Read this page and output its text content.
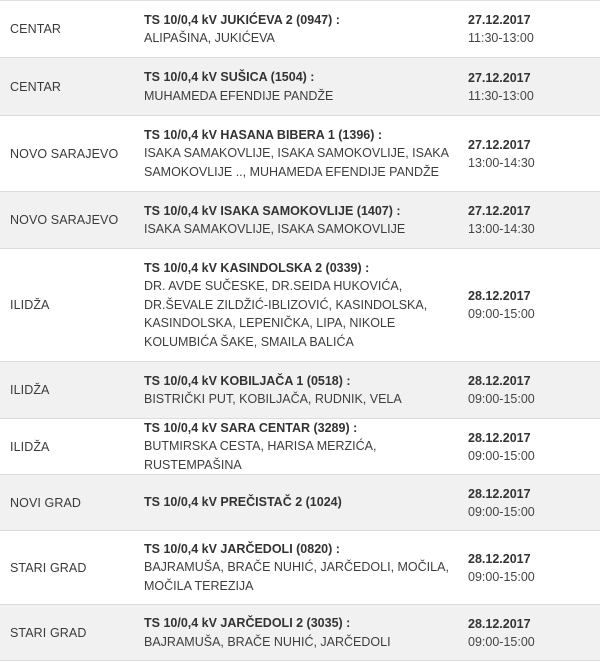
CENTAR
TS 10/0,4 kV JUKIĆEVA 2 (0947) :
ALIPAŠINA, JUKIĆEVA
27.12.2017
11:30-13:00
CENTAR
TS 10/0,4 kV SUŠICA (1504) :
MUHAMEDA EFENDIJE PANDŽE
27.12.2017
11:30-13:00
NOVO SARAJEVO
TS 10/0,4 kV HASANA BIBERA 1 (1396) :
ISAKA SAMAKOVLIJE, ISAKA SAMOKOVLIJE, ISAKA SAMOKOVLIJE .., MUHAMEDA EFENDIJE PANDŽE
27.12.2017
13:00-14:30
NOVO SARAJEVO
TS 10/0,4 kV ISAKA SAMOKOVLIJE (1407) :
ISAKA SAMAKOVLIJE, ISAKA SAMOKOVLIJE
27.12.2017
13:00-14:30
ILIDŽA
TS 10/0,4 kV KASINDOLSKA 2 (0339) :
DR. AVDE SUČESKE, DR.SEIDA HUKOVIĆA, DR.ŠEVALE ZILDŽIĆ-IBLIZOVIĆ, KASINDOLSKA, KASINDOLSKA, LEPENIČKA, LIPA, NIKOLE KOLUMBIĆA ŠAKE, SMAILA BALIĆA
28.12.2017
09:00-15:00
ILIDŽA
TS 10/0,4 kV KOBILJAČA 1 (0518) :
BISTRIČKI PUT, KOBILJAČA, RUDNIK, VELA
28.12.2017
09:00-15:00
ILIDŽA
TS 10/0,4 kV SARA CENTAR (3289) :
BUTMIRSKA CESTA, HARISA MERZIĆA, RUSTEMPAŠINA
28.12.2017
09:00-15:00
NOVI GRAD	TS 10/0,4 kV PREČISTAČ 2 (1024)
28.12.2017
09:00-15:00
STARI GRAD
TS 10/0,4 kV JARČEDOLI (0820) :
BAJRAMUŠA, BRAČE NUHIĆ, JARČEDOLI, MOČILA, MOČILA TEREZIJA
28.12.2017
09:00-15:00
STARI GRAD
TS 10/0,4 kV JARČEDOLI 2 (3035) :
BAJRAMUŠA, BRAČE NUHIĆ, JARČEDOLI
28.12.2017
09:00-15:00
